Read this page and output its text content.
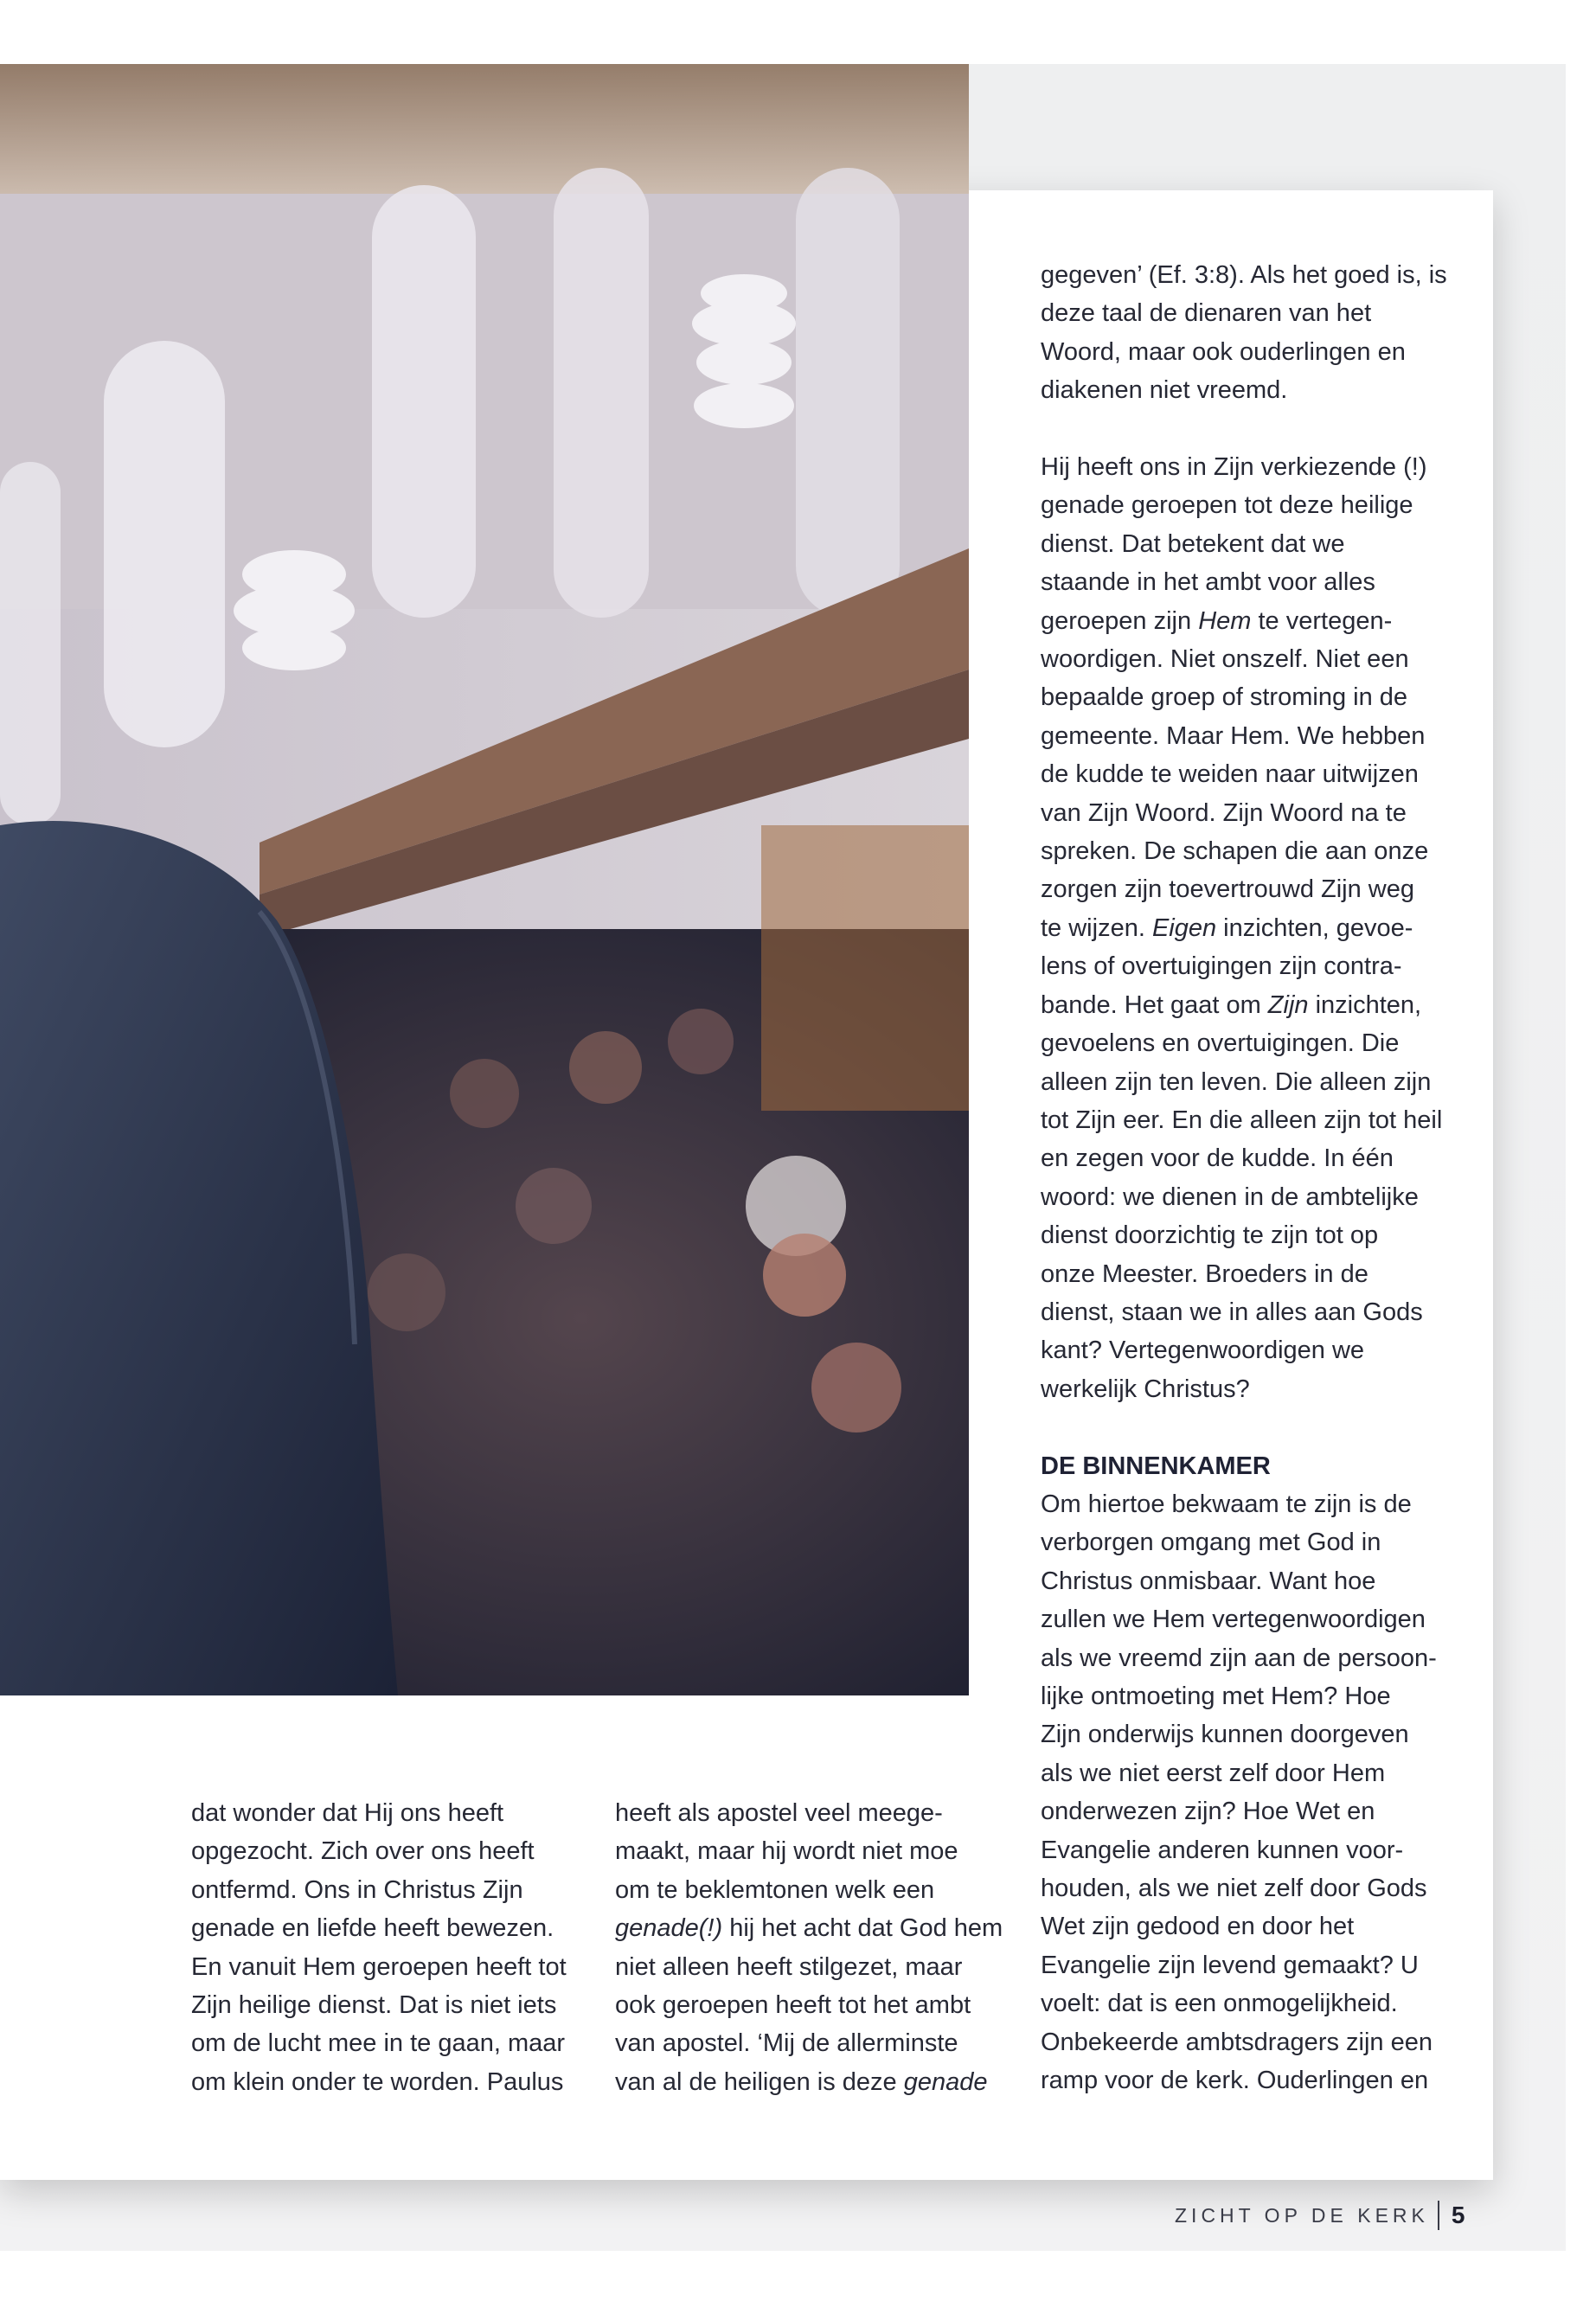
dat wonder dat Hij ons heeft

opgezocht. Zich over ons heeft

ontfermd. Ons in Christus Zijn

genade en liefde heeft bewezen.

En vanuit Hem geroepen heeft tot

Zijn heilige dienst. Dat is niet iets

om de lucht mee in te gaan, maar

om klein onder te worden. Paulus

heeft als apostel veel meege-

maakt, maar hij wordt niet moe

om te beklemtonen welk een

genade(!) hij het acht dat God hem

niet alleen heeft stilgezet, maar

ook geroepen heeft tot het ambt

van apostel. ‘Mij de allerminste

van al de heiligen is deze genade

gegeven’ (Ef. 3:8). Als het goed is, is

deze taal de dienaren van het

Woord, maar ook ouderlingen en

diakenen niet vreemd.

Hij heeft ons in Zijn verkiezende (!)

genade geroepen tot deze heilige

dienst. Dat betekent dat we

staande in het ambt voor alles

geroepen zijn Hem te vertegen-

woordigen. Niet onszelf. Niet een

bepaalde groep of stroming in de

gemeente. Maar Hem. We hebben

de kudde te weiden naar uitwijzen

van Zijn Woord. Zijn Woord na te

spreken. De schapen die aan onze

zorgen zijn toevertrouwd Zijn weg

te wijzen. Eigen inzichten, gevoe-

lens of overtuigingen zijn contra-

bande. Het gaat om Zijn inzichten,

gevoelens en overtuigingen. Die

alleen zijn ten leven. Die alleen zijn

tot Zijn eer. En die alleen zijn tot heil

en zegen voor de kudde. In één

woord: we dienen in de ambtelijke

dienst doorzichtig te zijn tot op

onze Meester. Broeders in de

dienst, staan we in alles aan Gods

kant? Vertegenwoordigen we

werkelijk Christus?

DE BINNENKAMER

Om hiertoe bekwaam te zijn is de

verborgen omgang met God in

Christus onmisbaar. Want hoe

zullen we Hem vertegenwoordigen

als we vreemd zijn aan de persoon-

lijke ontmoeting met Hem? Hoe

Zijn onderwijs kunnen doorgeven

als we niet eerst zelf door Hem

onderwezen zijn? Hoe Wet en

Evangelie anderen kunnen voor-

houden, als we niet zelf door Gods

Wet zijn gedood en door het

Evangelie zijn levend gemaakt? U

voelt: dat is een onmogelijkheid.

Onbekeerde ambtsdragers zijn een

ramp voor de kerk. Ouderlingen en

ZICHT OP DE KERK 5
